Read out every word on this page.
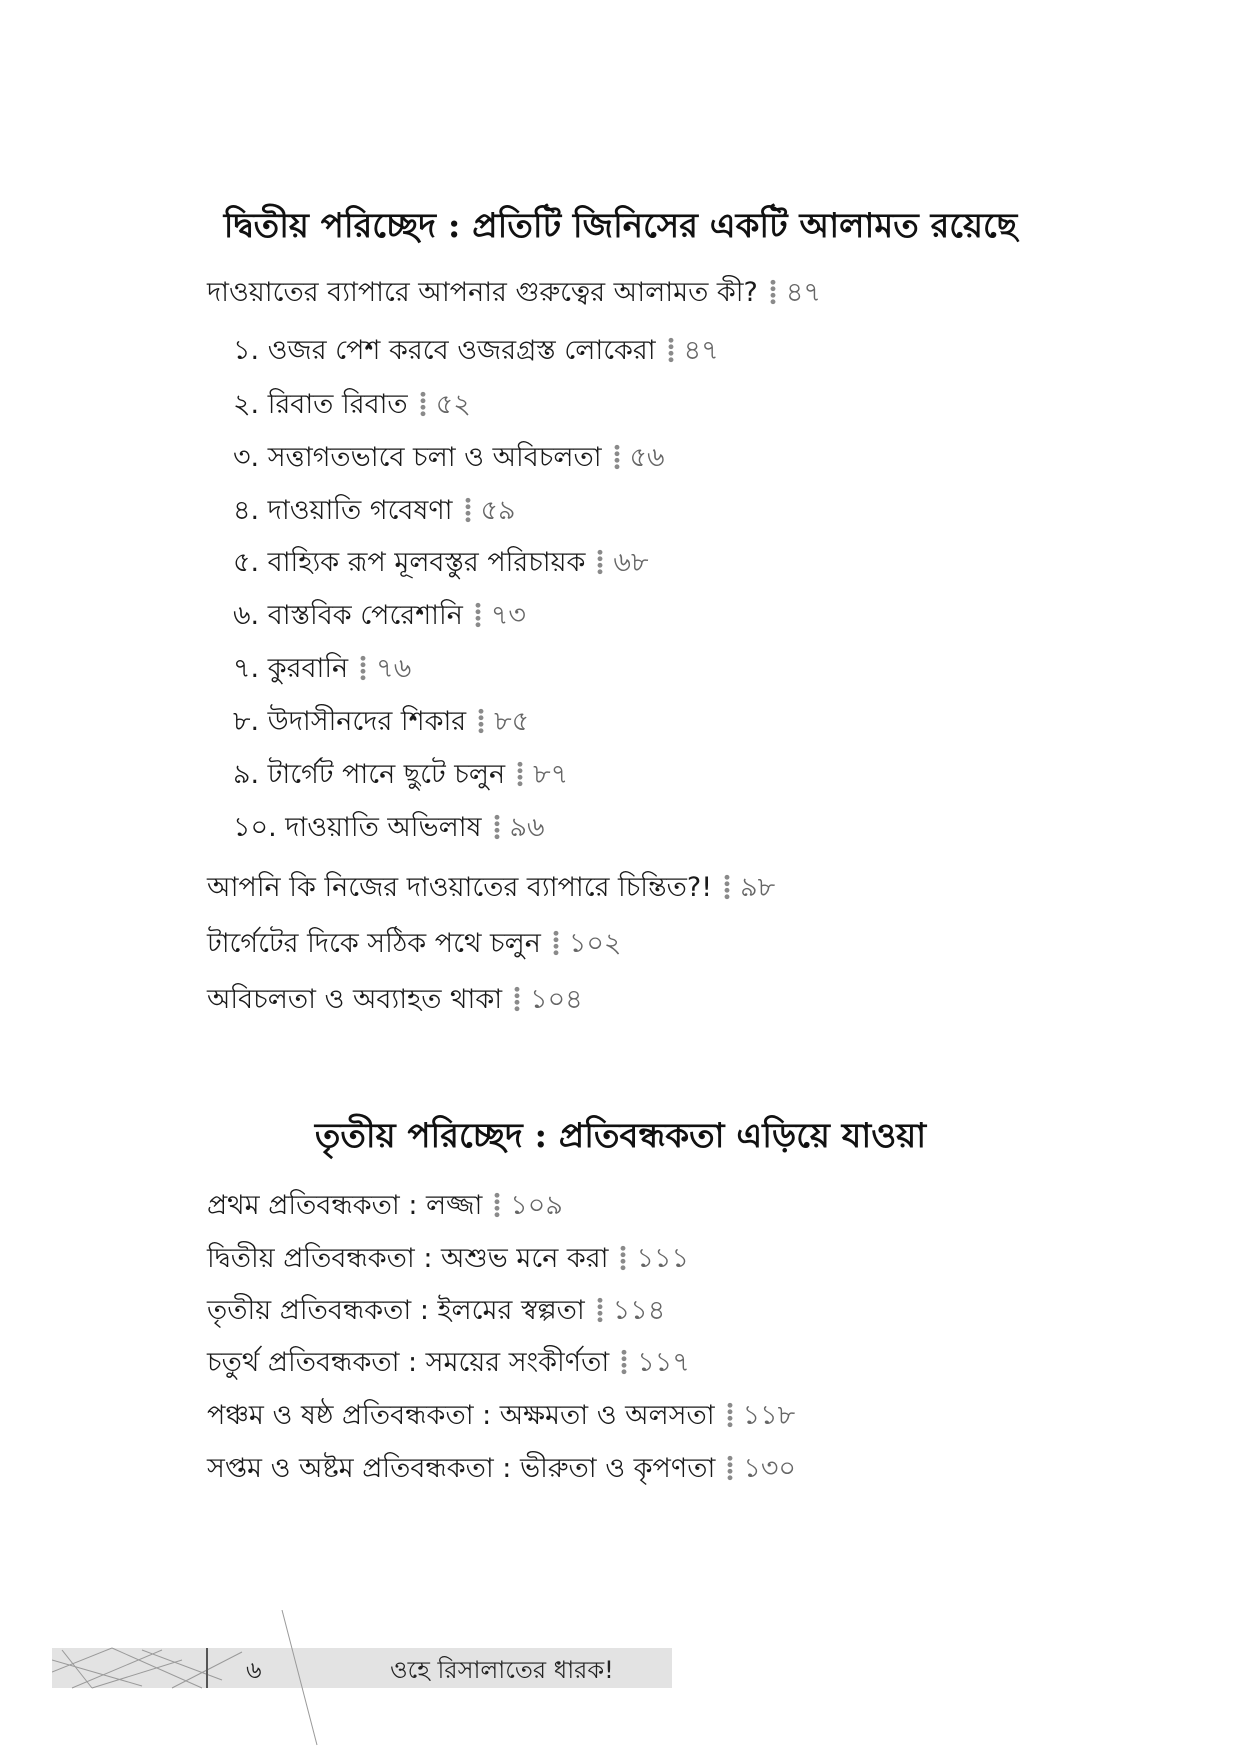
দ্বিতীয় পরিচ্ছেদ : প্রতিটি জিনিসের একটি আলামত রয়েছে
দাওয়াতের ব্যাপারে আপনার গুরুত্বের আলামত কী? ৪৭
১. ওজর পেশ করবে ওজরগ্রস্ত লোকেরা ৪৭
২. রিবাত রিবাত ৫২
৩. সত্তাগতভাবে চলা ও অবিচলতা ৫৬
৪. দাওয়াতি গবেষণা ৫৯
৫. বাহ্যিক রূপ মূলবস্তুর পরিচায়ক ৬৮
৬. বাস্তবিক পেরেশানি ৭৩
৭. কুরবানি ৭৬
৮. উদাসীনদের শিকার ৮৫
৯. টার্গেট পানে ছুটে চলুন ৮৭
১০. দাওয়াতি অভিলাষ ৯৬
আপনি কি নিজের দাওয়াতের ব্যাপারে চিন্তিত?! ৯৮
টার্গেটের দিকে সঠিক পথে চলুন ১০২
অবিচলতা ও অব্যাহত থাকা ১০৪
তৃতীয় পরিচ্ছেদ : প্রতিবন্ধকতা এড়িয়ে যাওয়া
প্রথম প্রতিবন্ধকতা : লজ্জা ১০৯
দ্বিতীয় প্রতিবন্ধকতা : অশুভ মনে করা ১১১
তৃতীয় প্রতিবন্ধকতা : ইলমের স্বল্পতা ১১৪
চতুর্থ প্রতিবন্ধকতা : সময়ের সংকীর্ণতা ১১৭
পঞ্চম ও ষষ্ঠ প্রতিবন্ধকতা : অক্ষমতা ও অলসতা ১১৮
সপ্তম ও অষ্টম প্রতিবন্ধকতা : ভীরুতা ও কৃপণতা ১৩০
৬	ওহে রিসালাতের ধারক!
